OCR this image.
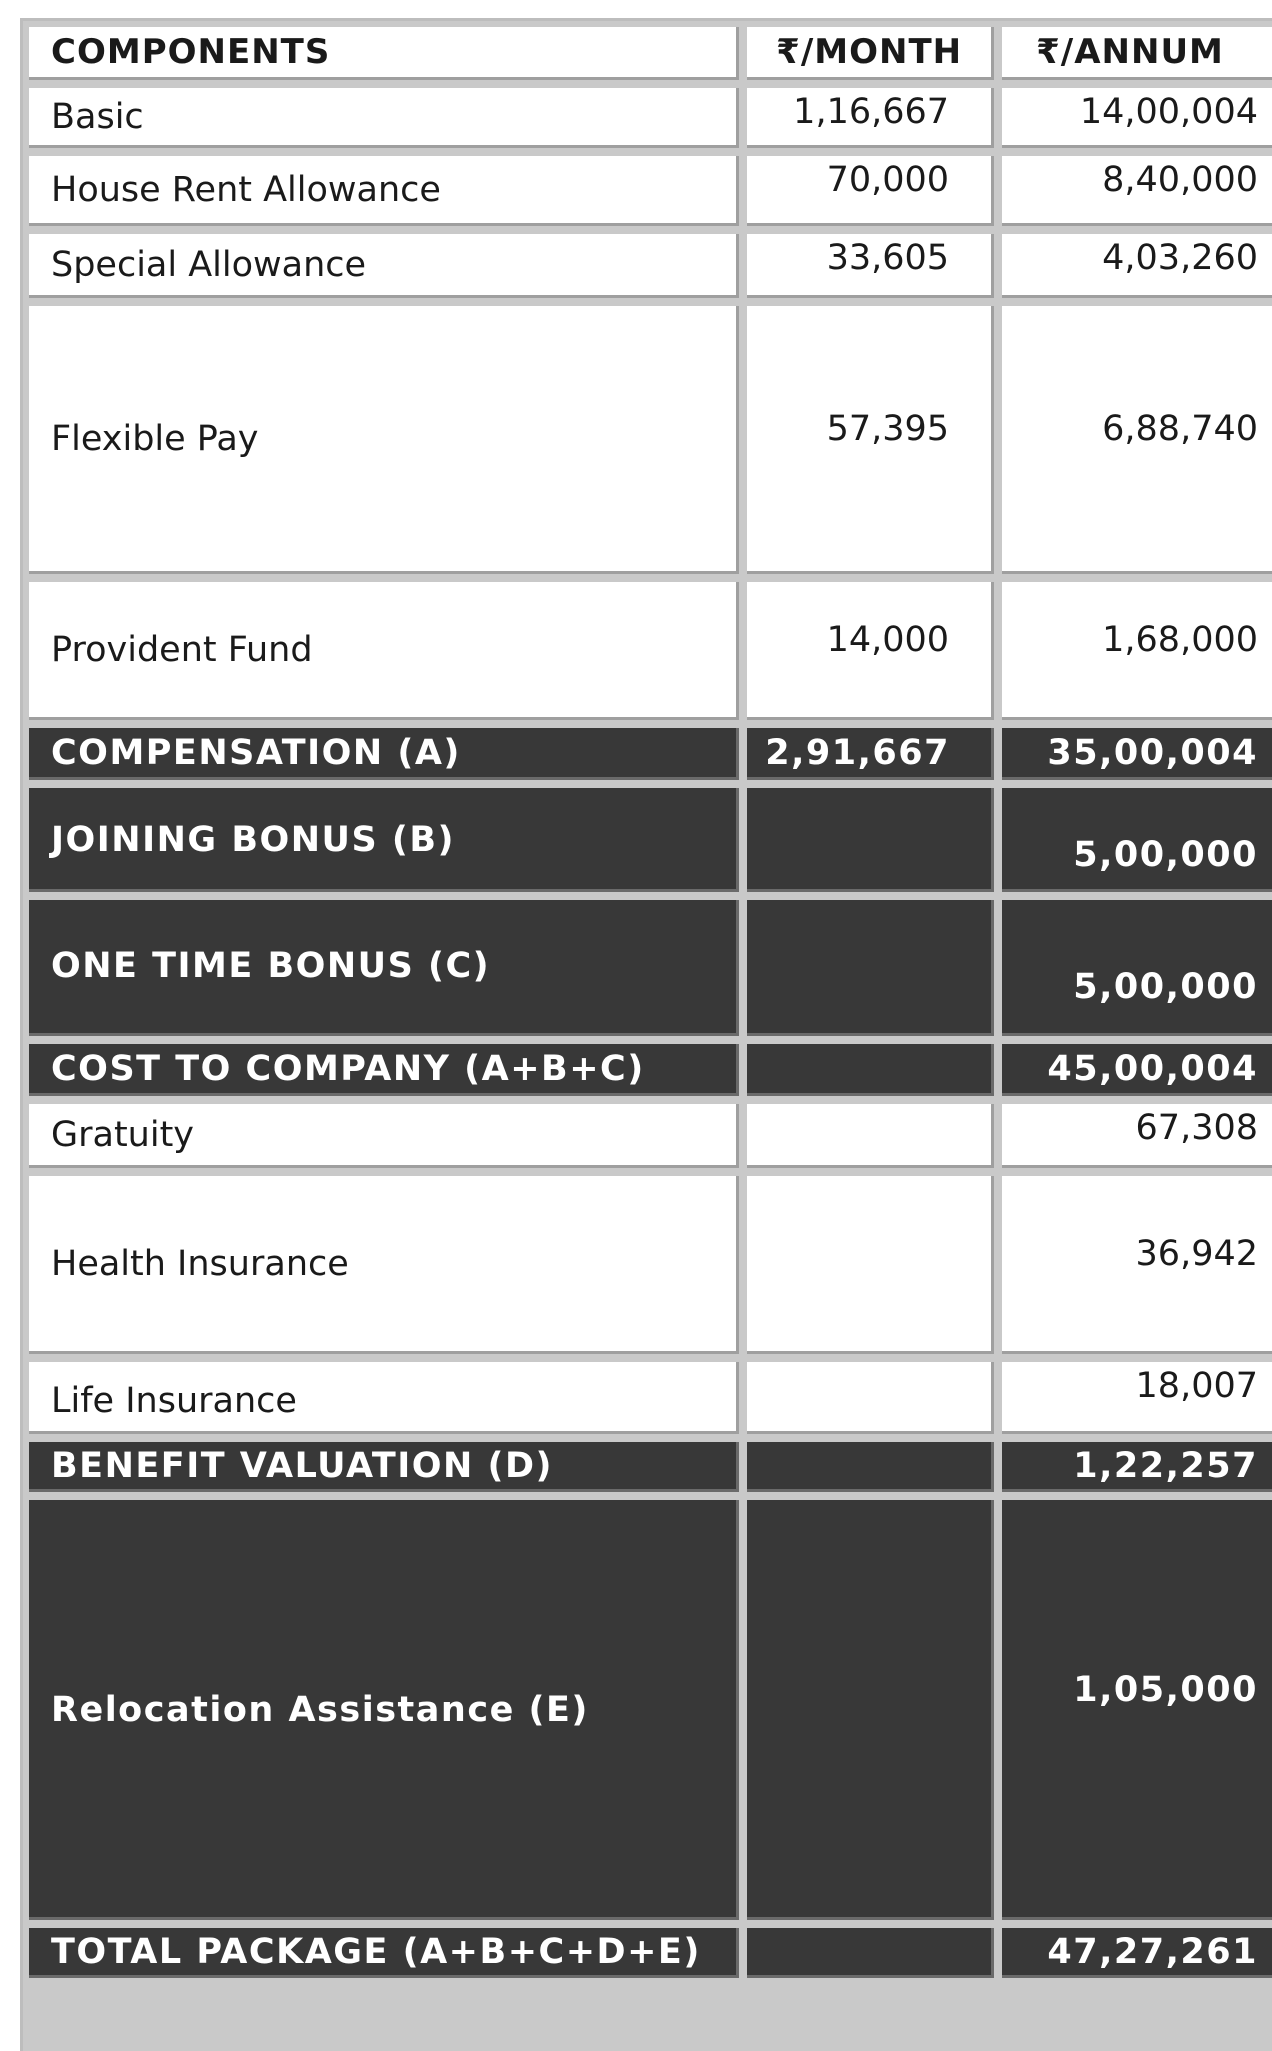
COMPONENTS	₹/MONTH	₹/ANNUM
Basic	1,16,667	14,00,004
House Rent Allowance	70,000	8,40,000
Special Allowance	33,605	4,03,260
Flexible Pay	57,395	6,88,740
Provident Fund	14,000	1,68,000
COMPENSATION (A)	2,91,667	35,00,004
JOINING BONUS (B)		5,00,000
ONE TIME BONUS (C)		5,00,000
COST TO COMPANY (A+B+C)		45,00,004
Gratuity		67,308
Health Insurance		36,942
Life Insurance		18,007
BENEFIT VALUATION (D)		1,22,257
Relocation Assistance (E)		1,05,000
TOTAL PACKAGE (A+B+C+D+E)		47,27,261
